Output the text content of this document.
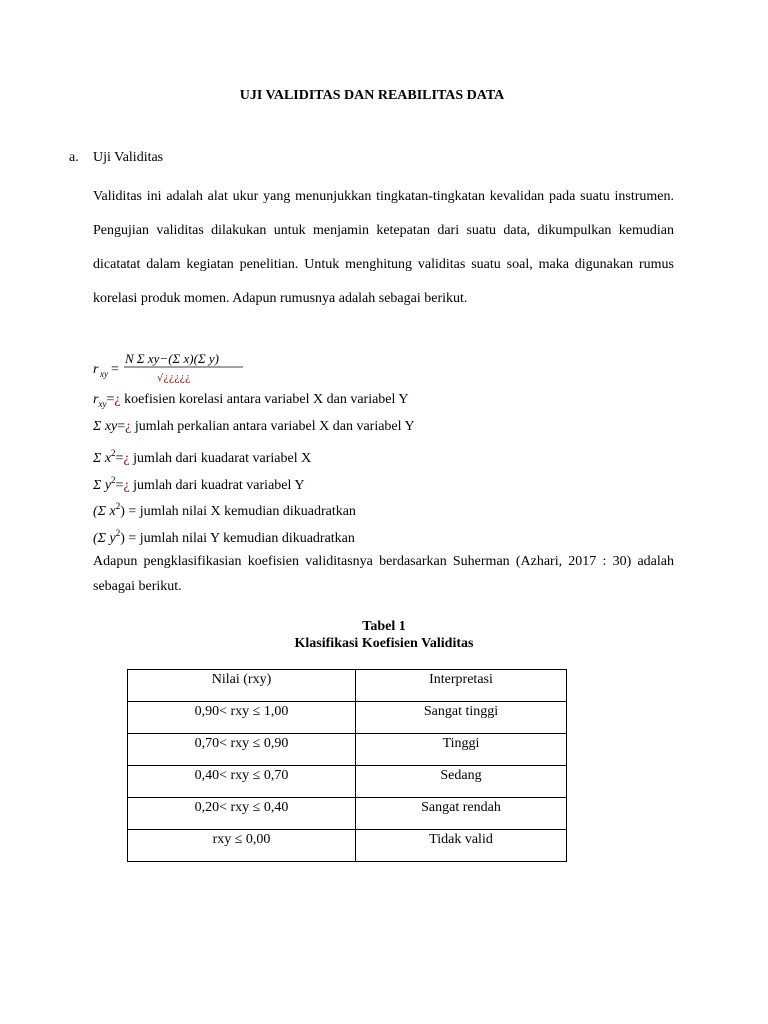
UJI VALIDITAS DAN REABILITAS DATA
a. Uji Validitas
Validitas ini adalah alat ukur yang menunjukkan tingkatan-tingkatan kevalidan pada suatu instrumen. Pengujian validitas dilakukan untuk menjamin ketepatan dari suatu data, dikumpulkan kemudian dicatatat dalam kegiatan penelitian. Untuk menghitung validitas suatu soal, maka digunakan rumus korelasi produk momen. Adapun rumusnya adalah sebagai berikut.
r xy =
N Σ xy−(Σ x)(Σ y)
√¿¿¿¿¿
$r_{xy}=¿$ koefisien korelasi antara variabel X dan variabel Y
Σ xy=¿ jumlah perkalian antara variabel X dan variabel Y
Σ $x^2=¿$ jumlah dari kuadarat variabel X
Σ $y^2=¿$ jumlah dari kuadrat variabel Y
(Σ $x^2$) = jumlah nilai X kemudian dikuadratkan
(Σ $y^2$) = jumlah nilai Y kemudian dikuadratkan
Adapun pengklasifikasian koefisien validitasnya berdasarkan Suherman (Azhari, 2017 : 30) adalah sebagai berikut.
Tabel 1
Klasifikasi Koefisien Validitas
Nilai (rxy)	Interpretasi
0,90< rxy ≤ 1,00	Sangat tinggi
0,70< rxy ≤ 0,90	Tinggi
0,40< rxy ≤ 0,70	Sedang
0,20< rxy ≤ 0,40	Sangat rendah
rxy ≤ 0,00	Tidak valid
